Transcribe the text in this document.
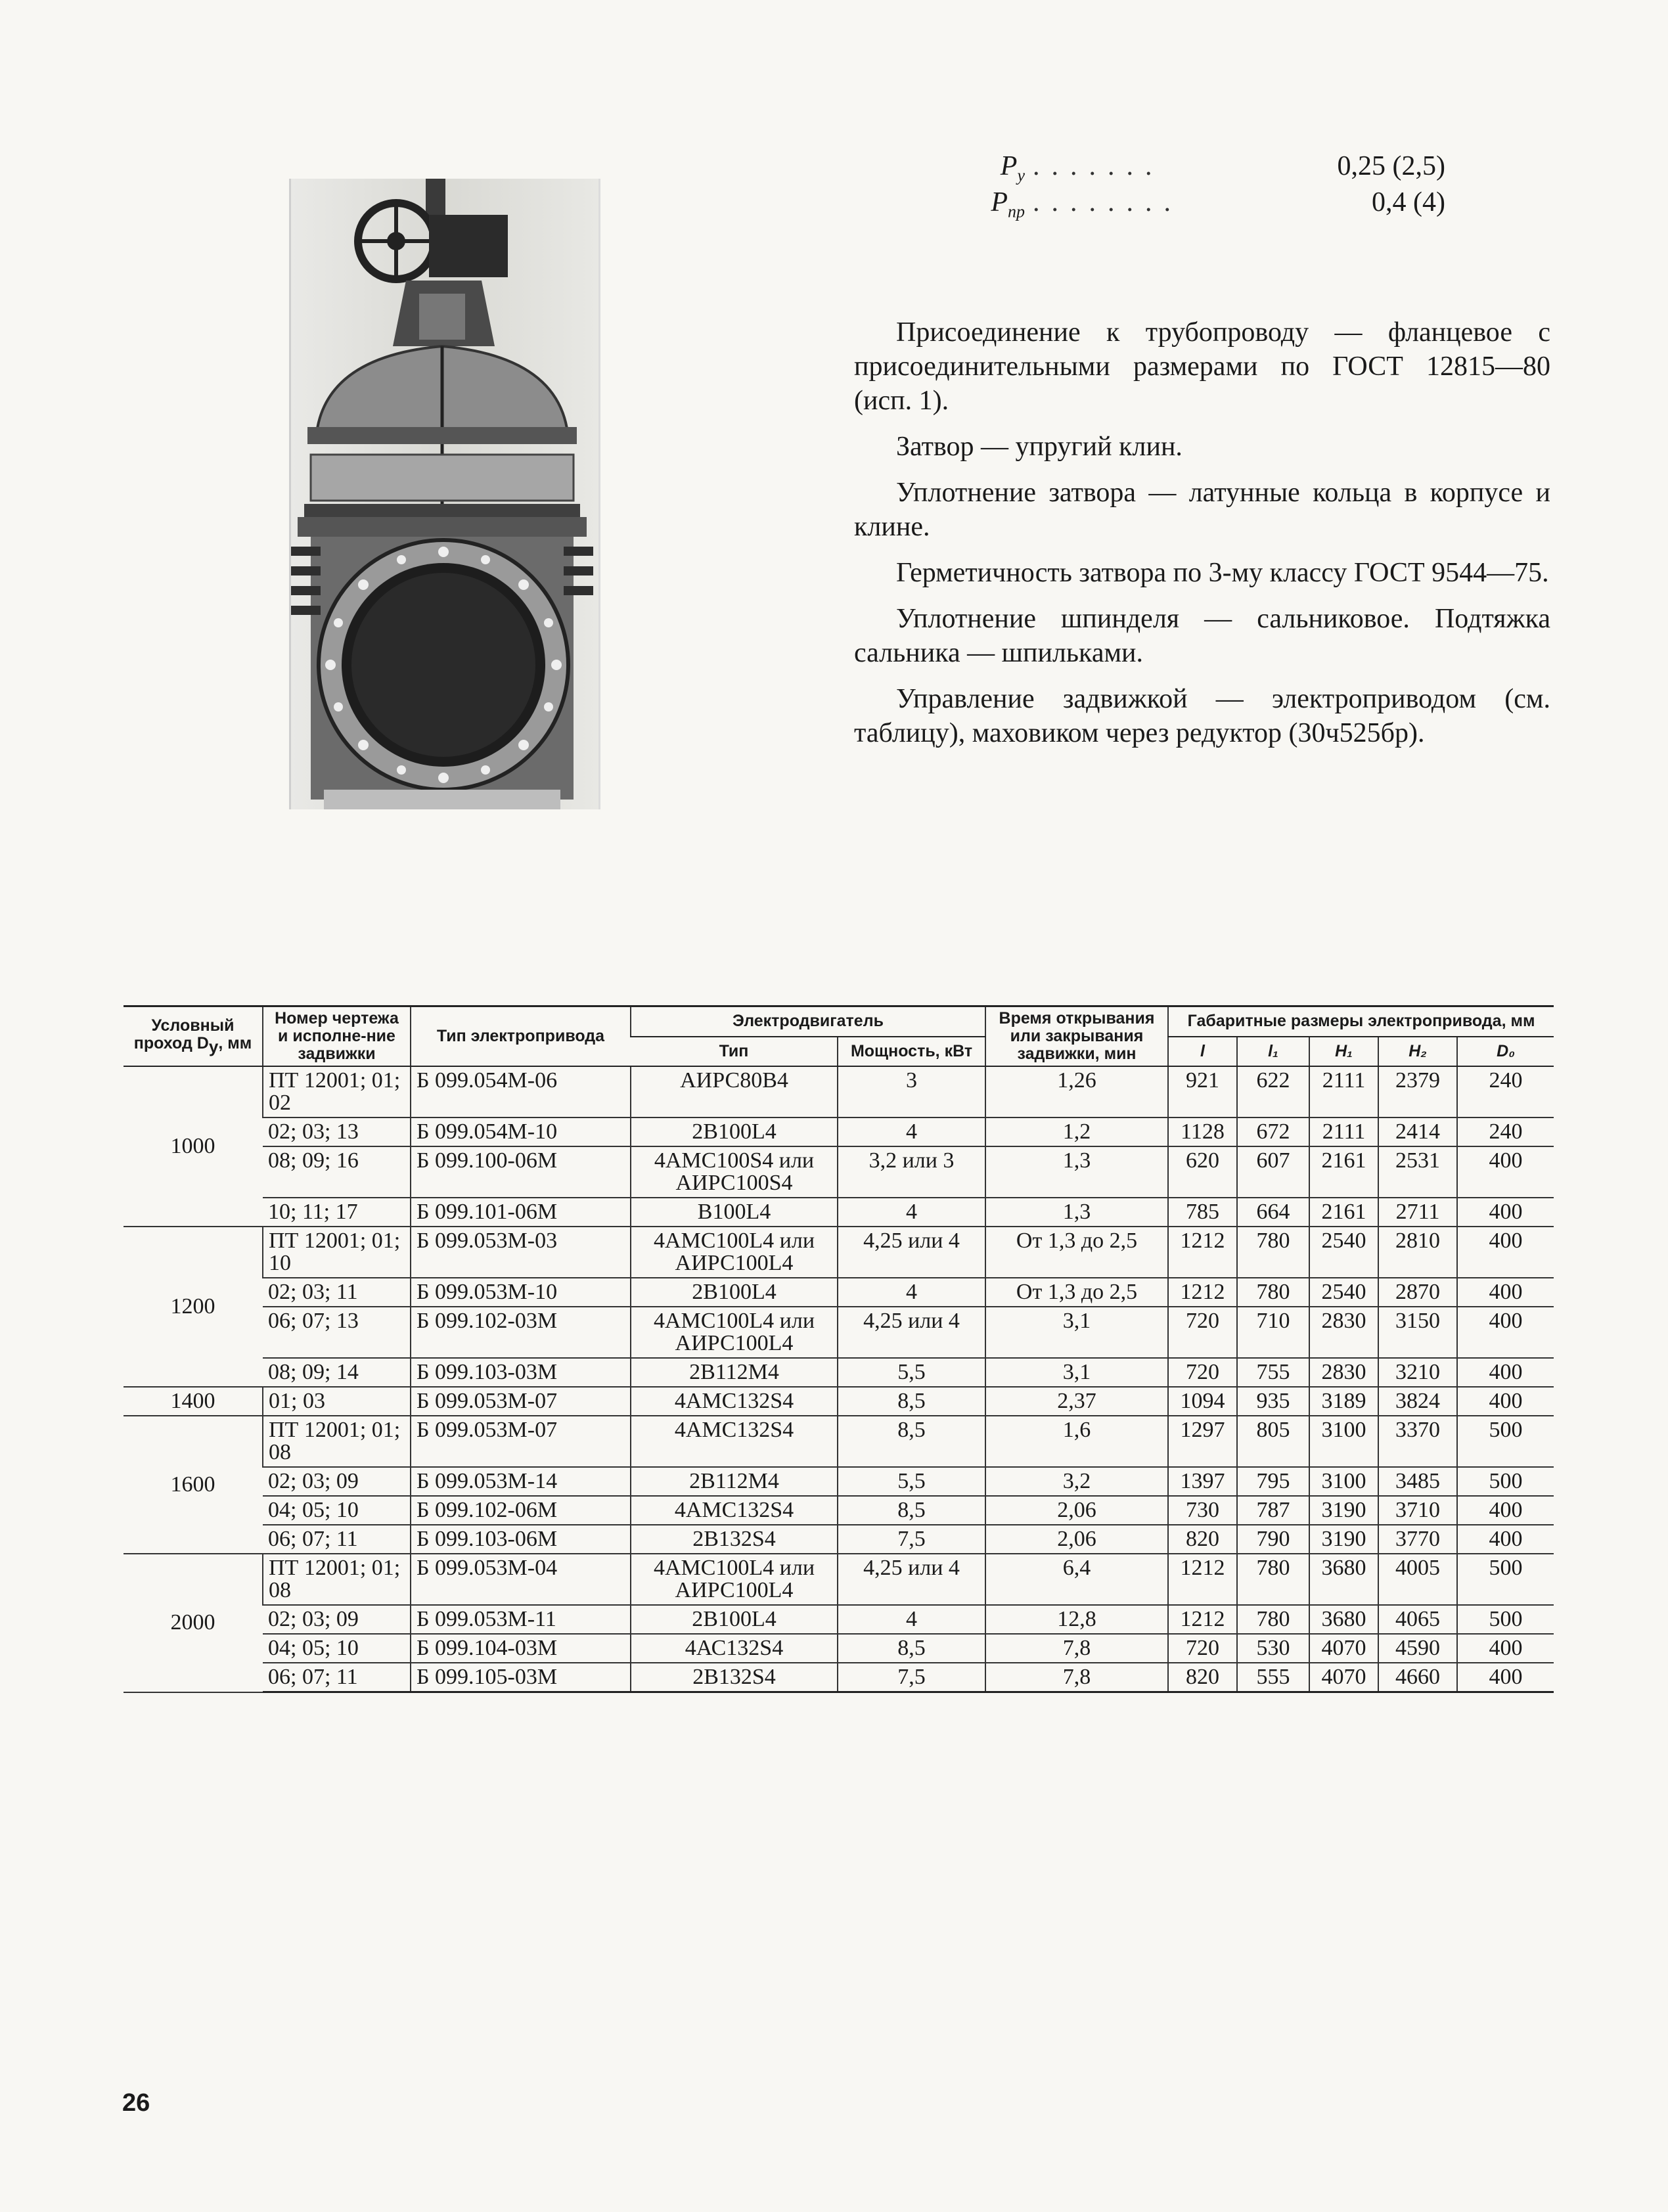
$P_у$ .......	0,25 (2,5)
$P_{пр}$ ........	0,4 (4)

Присоединение к трубопроводу — фланцевое с присоединительными размерами по ГОСТ 12815—80 (исп. 1).

Затвор — упругий клин.

Уплотнение затвора — латунные кольца в корпусе и клине.

Герметичность затвора по 3-му классу ГОСТ 9544—75.

Уплотнение шпинделя — сальниковое. Подтяжка сальника — шпильками.

Управление задвижкой — электроприводом (см. таблицу), маховиком через редуктор (30ч525бр).

Условный проход $D_у$, мм	Номер чертежа и исполне-ние задвижки	Тип электропривода	Электродвигатель		Время открывания или закрывания задвижки, мин	Габаритные размеры электропривода, мм				
			Тип	Мощность, кВт		l	l₁	H₁	H₂	D₀
1000	ПТ 12001; 01; 02	Б 099.054М-06	АИРС80В4	3	1,26	921	622	2111	2379	240
	02; 03; 13	Б 099.054М-10	2В100L4	4	1,2	1128	672	2111	2414	240
	08; 09; 16	Б 099.100-06М	4АМС100S4 или АИРС100S4	3,2 или 3	1,3	620	607	2161	2531	400
	10; 11; 17	Б 099.101-06М	В100L4	4	1,3	785	664	2161	2711	400
1200	ПТ 12001; 01; 10	Б 099.053М-03	4АМС100L4 или АИРС100L4	4,25 или 4	От 1,3 до 2,5	1212	780	2540	2810	400
	02; 03; 11	Б 099.053М-10	2В100L4	4	От 1,3 до 2,5	1212	780	2540	2870	400
	06; 07; 13	Б 099.102-03М	4АМС100L4 или АИРС100L4	4,25 или 4	3,1	720	710	2830	3150	400
	08; 09; 14	Б 099.103-03М	2В112М4	5,5	3,1	720	755	2830	3210	400
1400	01; 03	Б 099.053М-07	4АМС132S4	8,5	2,37	1094	935	3189	3824	400
1600	ПТ 12001; 01; 08	Б 099.053М-07	4АМС132S4	8,5	1,6	1297	805	3100	3370	500
	02; 03; 09	Б 099.053М-14	2В112М4	5,5	3,2	1397	795	3100	3485	500
	04; 05; 10	Б 099.102-06М	4АМС132S4	8,5	2,06	730	787	3190	3710	400
	06; 07; 11	Б 099.103-06М	2В132S4	7,5	2,06	820	790	3190	3770	400
2000	ПТ 12001; 01; 08	Б 099.053М-04	4АМС100L4 или АИРС100L4	4,25 или 4	6,4	1212	780	3680	4005	500
	02; 03; 09	Б 099.053М-11	2В100L4	4	12,8	1212	780	3680	4065	500
	04; 05; 10	Б 099.104-03М	4АС132S4	8,5	7,8	720	530	4070	4590	400
	06; 07; 11	Б 099.105-03М	2В132S4	7,5	7,8	820	555	4070	4660	400
26
